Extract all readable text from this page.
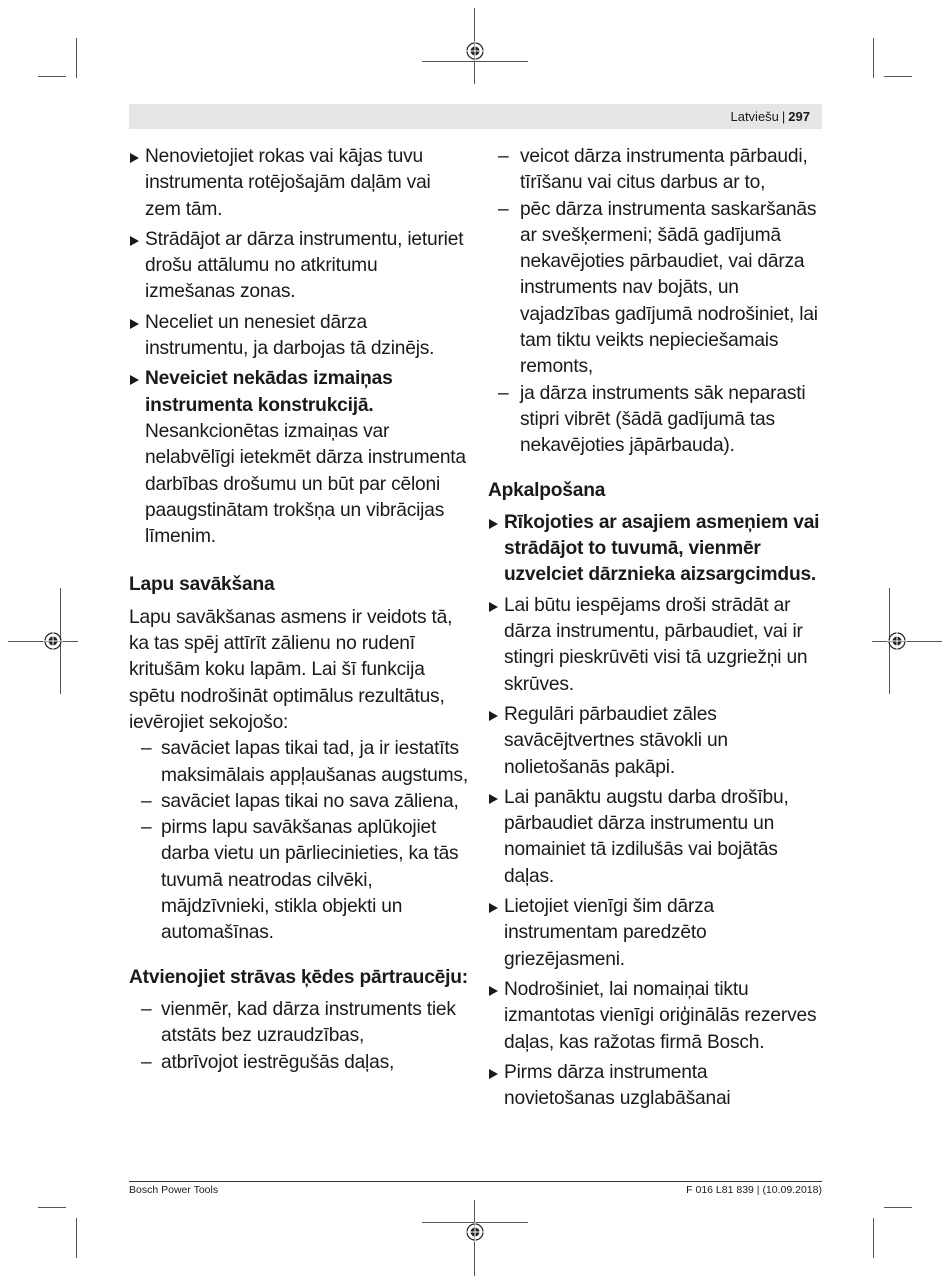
Latviešu | 297
Nenovietojiet rokas vai kājas tuvu instrumenta rotējošajām daļām vai zem tām.
Strādājot ar dārza instrumentu, ieturiet drošu attālumu no atkritumu izmešanas zonas.
Neceliet un nenesiet dārza instrumentu, ja darbojas tā dzinējs.
Neveiciet nekādas izmaiņas instrumenta konstrukcijā.
Nesankcionētas izmaiņas var nelabvēlīgi ietekmēt dārza instrumenta darbības drošumu un būt par cēloni paaugstinātam trokšņa un vibrācijas līmenim.
Lapu savākšana

Lapu savākšanas asmens ir veidots tā, ka tas spēj attīrīt zālienu no rudenī kritušām koku lapām. Lai šī funkcija spētu nodrošināt optimālus rezultātus, ievērojiet sekojošo:

– savāciet lapas tikai tad, ja ir iestatīts maksimālais appļaušanas augstums,
– savāciet lapas tikai no sava zāliena,
– pirms lapu savākšanas aplūkojiet darba vietu un pārliecinieties, ka tās tuvumā neatrodas cilvēki, mājdzīvnieki, stikla objekti un automašīnas.
Atvienojiet strāvas ķēdes pārtraucēju:
– vienmēr, kad dārza instruments tiek atstāts bez uzraudzības,
– atbrīvojot iestrēgušās daļas,
– veicot dārza instrumenta pārbaudi, tīrīšanu vai citus darbus ar to,
– pēc dārza instrumenta saskaršanās ar svešķermeni; šādā gadījumā nekavējoties pārbaudiet, vai dārza instruments nav bojāts, un vajadzības gadījumā nodrošiniet, lai tam tiktu veikts nepieciešamais remonts,
– ja dārza instruments sāk neparasti stipri vibrēt (šādā gadījumā tas nekavējoties jāpārbauda).
Apkalpošana
Rīkojoties ar asajiem asmeņiem vai strādājot to tuvumā, vienmēr uzvelciet dārznieka aizsargcimdus.
Lai būtu iespējams droši strādāt ar dārza instrumentu, pārbaudiet, vai ir stingri pieskrūvēti visi tā uzgriežņi un skrūves.
Regulāri pārbaudiet zāles savācējtvertnes stāvokli un nolietošanās pakāpi.
Lai panāktu augstu darba drošību, pārbaudiet dārza instrumentu un nomainiet tā izdilušās vai bojātās daļas.
Lietojiet vienīgi šim dārza instrumentam paredzēto griezējasmeni.
Nodrošiniet, lai nomaiņai tiktu izmantotas vienīgi oriģinālās rezerves daļas, kas ražotas firmā Bosch.
Pirms dārza instrumenta novietošanas uzglabāšanai
Bosch Power Tools	F 016 L81 839 | (10.09.2018)
